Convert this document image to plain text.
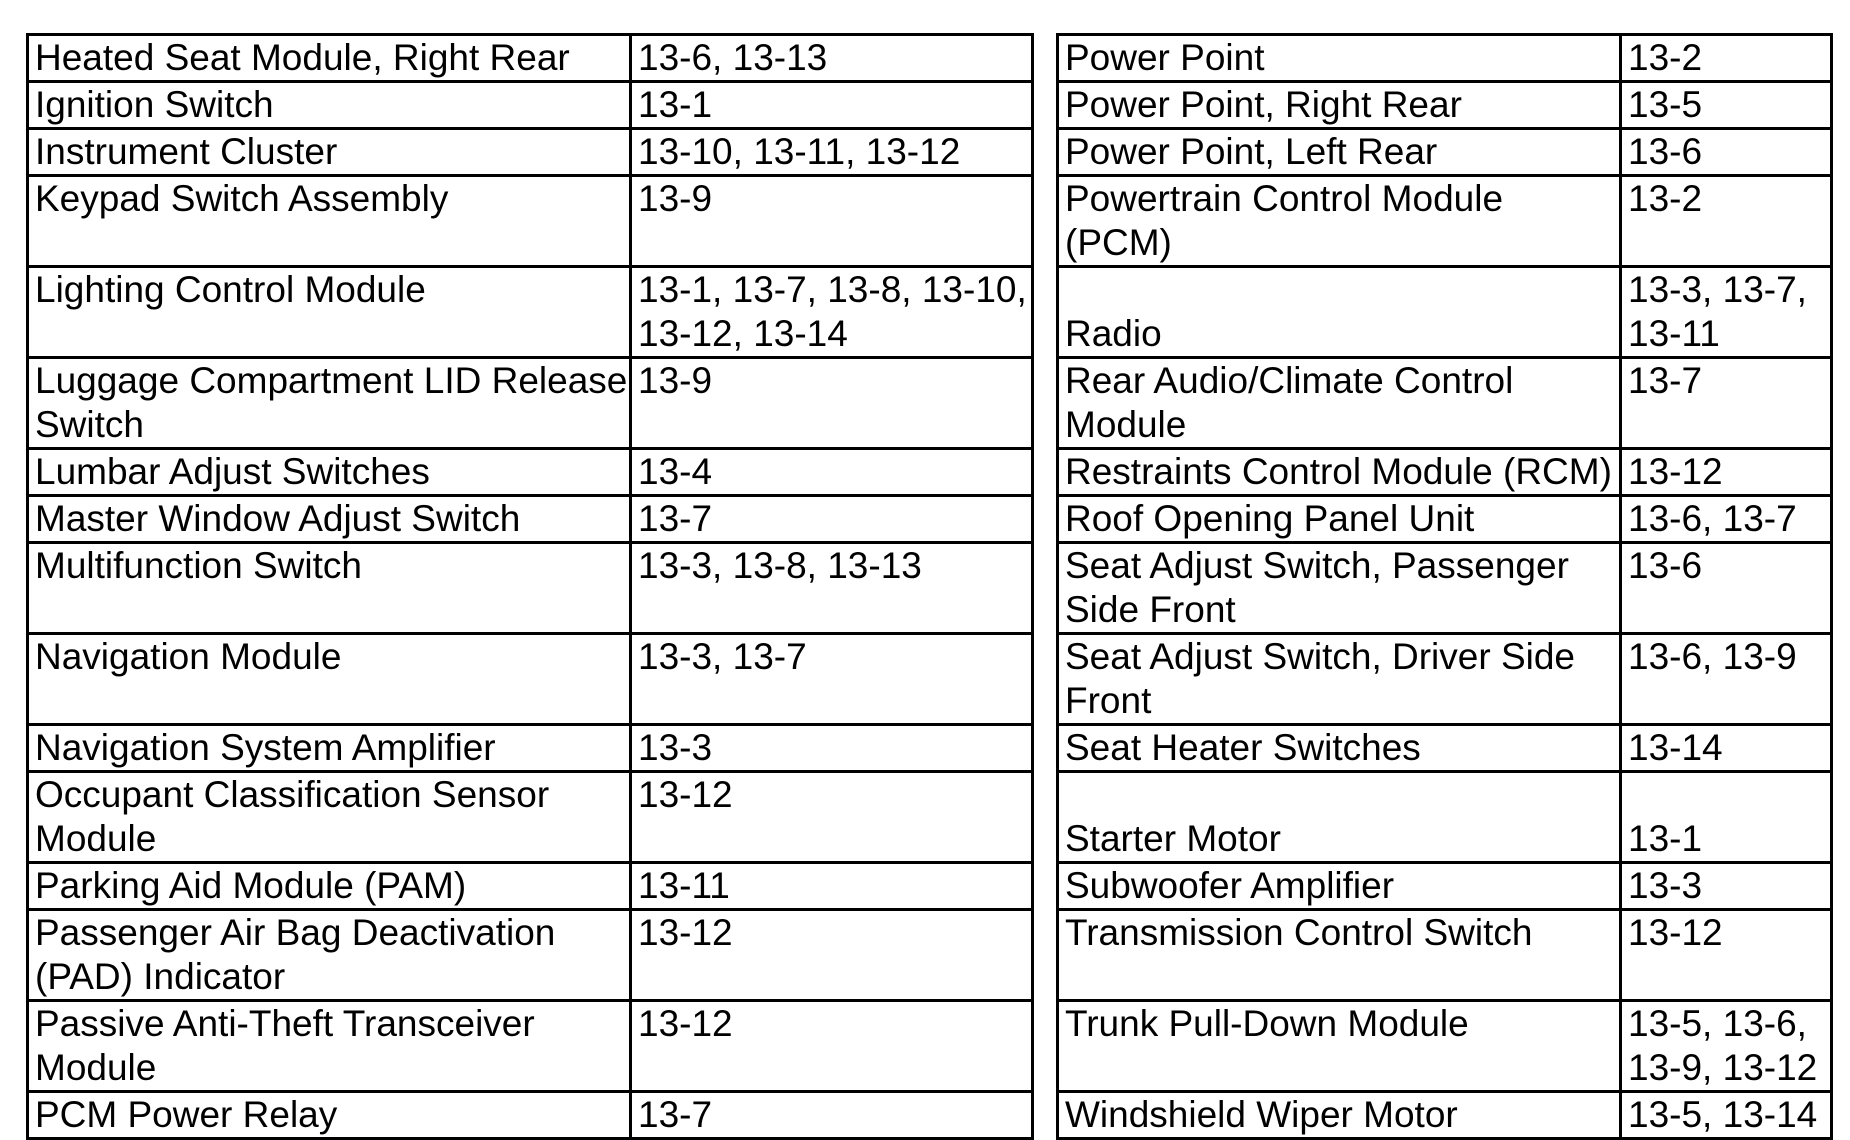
Heated Seat Module, Right Rear	13-6, 13-13		Power Point	13-2
Ignition Switch	13-1		Power Point, Right Rear	13-5
Instrument Cluster	13-10, 13-11, 13-12		Power Point, Left Rear	13-6
Keypad Switch Assembly	13-9		Powertrain Control Module (PCM)	13-2
Lighting Control Module	13-1, 13-7, 13-8, 13-10, 13-12, 13-14		Radio	13-3, 13-7, 13-11
Luggage Compartment LID Release Switch	13-9		Rear Audio/Climate Control Module	13-7
Lumbar Adjust Switches	13-4		Restraints Control Module (RCM)	13-12
Master Window Adjust Switch	13-7		Roof Opening Panel Unit	13-6, 13-7
Multifunction Switch	13-3, 13-8, 13-13		Seat Adjust Switch, Passenger Side Front	13-6
Navigation Module	13-3, 13-7		Seat Adjust Switch, Driver Side Front	13-6, 13-9
Navigation System Amplifier	13-3		Seat Heater Switches	13-14
Occupant Classification Sensor Module	13-12		Starter Motor	13-1
Parking Aid Module (PAM)	13-11		Subwoofer Amplifier	13-3
Passenger Air Bag Deactivation (PAD) Indicator	13-12		Transmission Control Switch	13-12
Passive Anti-Theft Transceiver Module	13-12		Trunk Pull-Down Module	13-5, 13-6, 13-9, 13-12
PCM Power Relay	13-7		Windshield Wiper Motor	13-5, 13-14
